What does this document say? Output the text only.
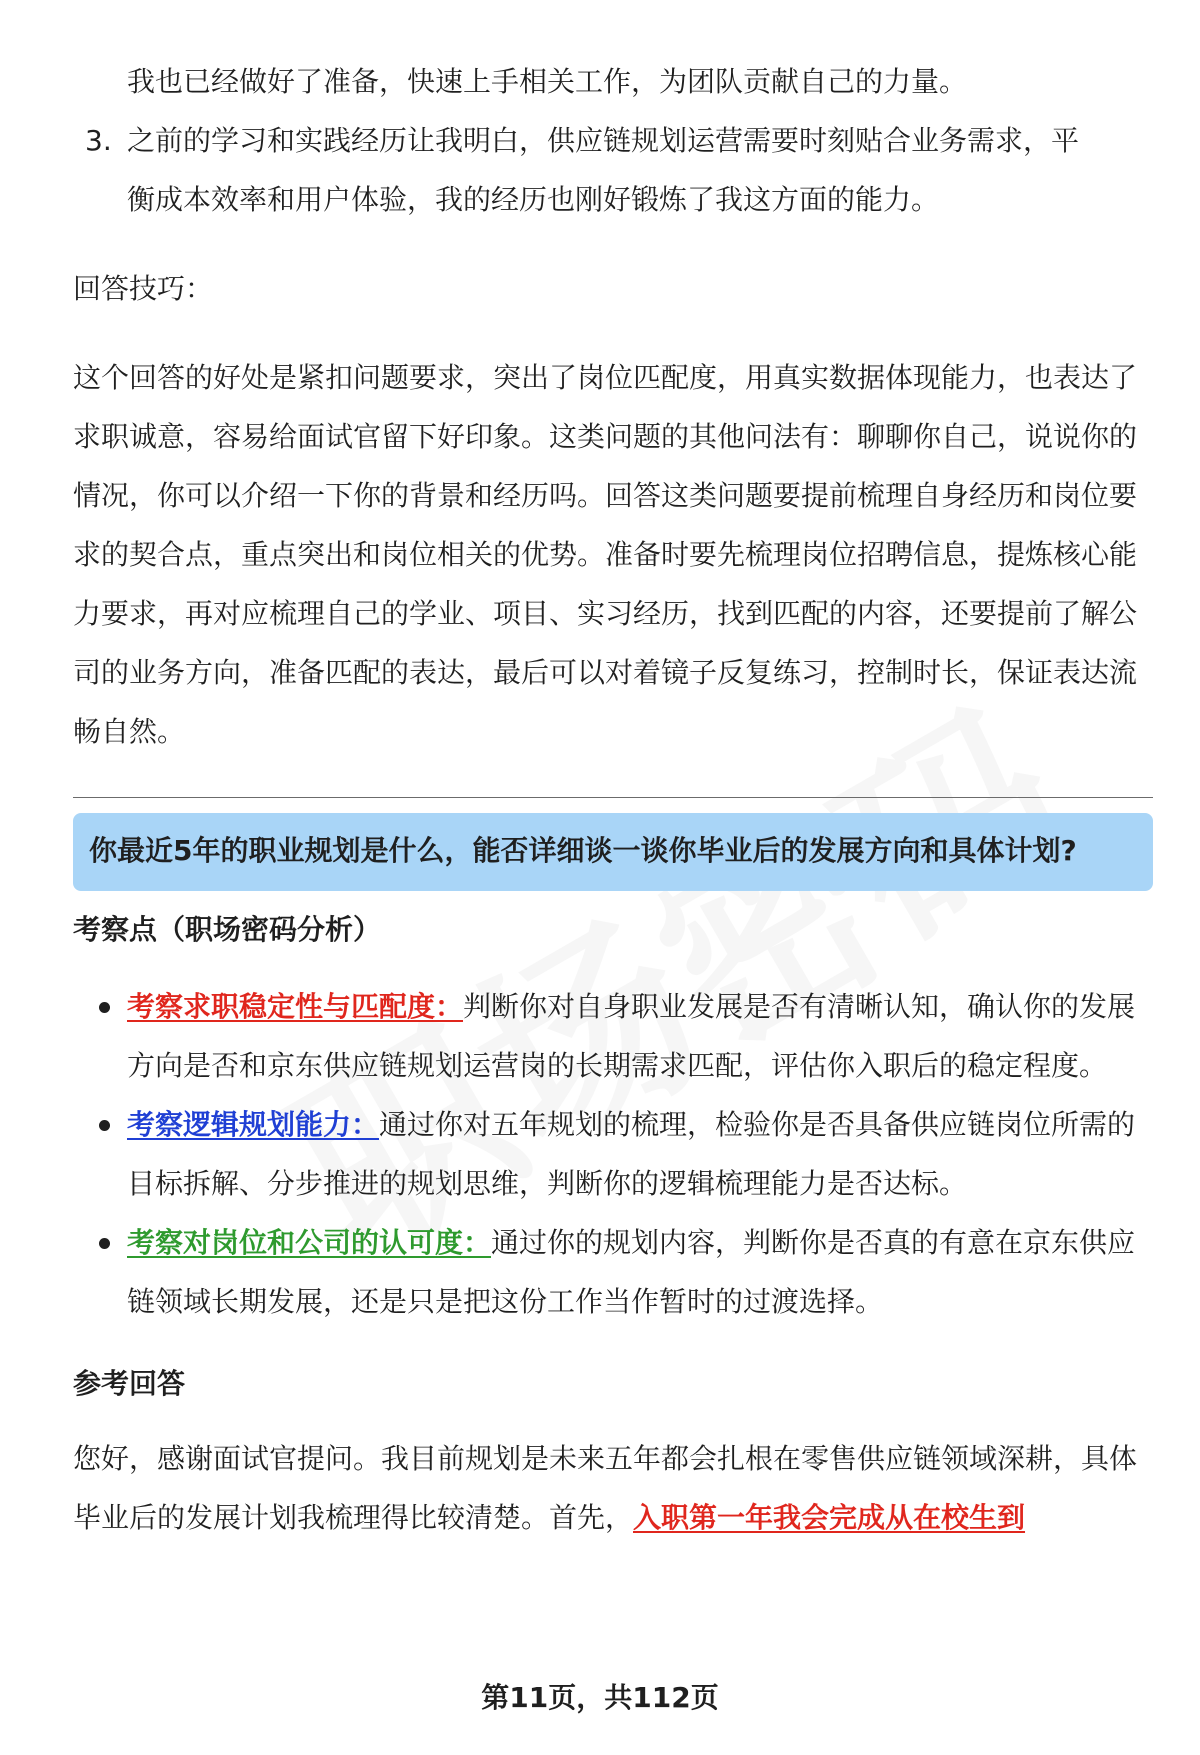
我也已经做好了准备，快速上手相关工作，为团队贡献自己的力量。

3. 之前的学习和实践经历让我明白，供应链规划运营需要时刻贴合业务需求，平

衡成本效率和用户体验，我的经历也刚好锻炼了我这方面的能力。

回答技巧：

这个回答的好处是紧扣问题要求，突出了岗位匹配度，用真实数据体现能力，也表达了求职诚意，容易给面试官留下好印象。这类问题的其他问法有：聊聊你自己，说说你的情况，你可以介绍一下你的背景和经历吗。回答这类问题要提前梳理自身经历和岗位要求的契合点，重点突出和岗位相关的优势。准备时要先梳理岗位招聘信息，提炼核心能力要求，再对应梳理自己的学业、项目、实习经历，找到匹配的内容，还要提前了解公司的业务方向，准备匹配的表达，最后可以对着镜子反复练习，控制时长，保证表达流畅自然。

你最近5年的职业规划是什么，能否详细谈一谈你毕业后的发展方向和具体计划?
考察点（职场密码分析）
考察求职稳定性与匹配度：判断你对自身职业发展是否有清晰认知，确认你的发展方向是否和京东供应链规划运营岗的长期需求匹配，评估你入职后的稳定程度。
考察逻辑规划能力：通过你对五年规划的梳理，检验你是否具备供应链岗位所需的目标拆解、分步推进的规划思维，判断你的逻辑梳理能力是否达标。
考察对岗位和公司的认可度：通过你的规划内容，判断你是否真的有意在京东供应链领域长期发展，还是只是把这份工作当作暂时的过渡选择。
参考回答

您好，感谢面试官提问。我目前规划是未来五年都会扎根在零售供应链领域深耕，具体毕业后的发展计划我梳理得比较清楚。首先，入职第一年我会完成从在校生到

第11页，共112页
